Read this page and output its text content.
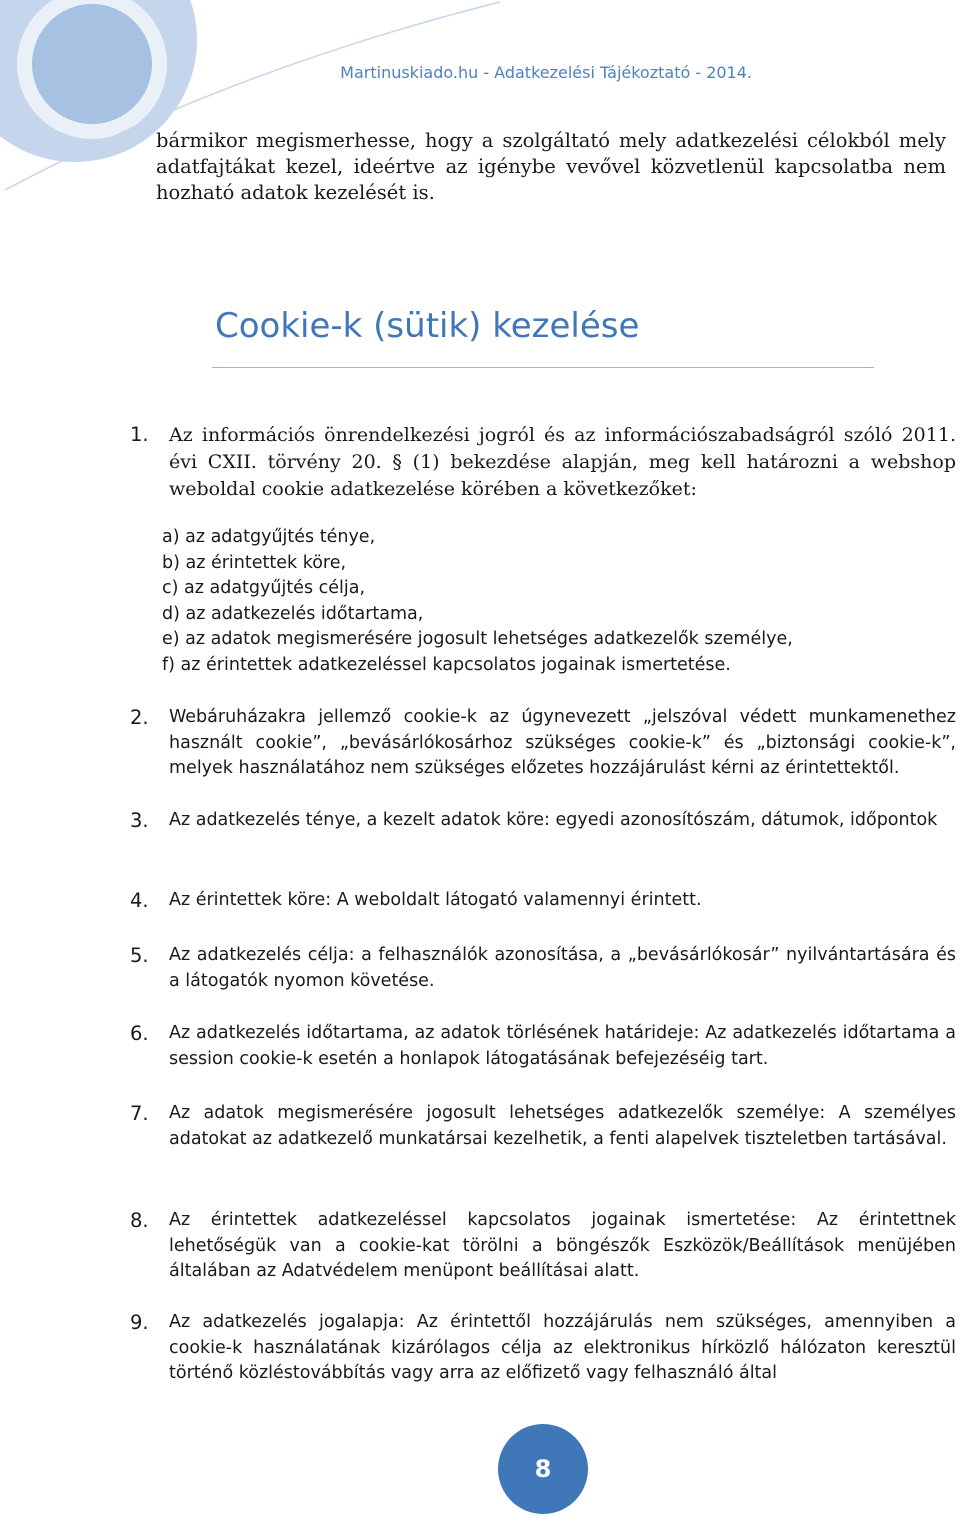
Martinuskiado.hu - Adatkezelési Tájékoztató - 2014.

bármikor megismerhesse, hogy a szolgáltató mely adatkezelési célokból mely adatfajtákat kezel, ideértve az igénybe vevővel közvetlenül kapcsolatba nem hozható adatok kezelését is.

Cookie-k (sütik) kezelése
1. Az információs önrendelkezési jogról és az információszabadságról szóló 2011. évi CXII. törvény 20. § (1) bekezdése alapján, meg kell határozni a webshop weboldal cookie adatkezelése körében a következőket:
a) az adatgyűjtés ténye,
b) az érintettek köre,
c) az adatgyűjtés célja,
d) az adatkezelés időtartama,
e) az adatok megismerésére jogosult lehetséges adatkezelők személye,
f) az érintettek adatkezeléssel kapcsolatos jogainak ismertetése.
2. Webáruházakra jellemző cookie-k az úgynevezett „jelszóval védett munkamenethez használt cookie”, „bevásárlókosárhoz szükséges cookie-k” és „biztonsági cookie-k”, melyek használatához nem szükséges előzetes hozzájárulást kérni az érintettektől.
3. Az adatkezelés ténye, a kezelt adatok köre: egyedi azonosítószám, dátumok, időpontok
4. Az érintettek köre: A weboldalt látogató valamennyi érintett.
5. Az adatkezelés célja: a felhasználók azonosítása, a „bevásárlókosár” nyilvántartására és a látogatók nyomon követése.
6. Az adatkezelés időtartama, az adatok törlésének határideje: Az adatkezelés időtartama a session cookie-k esetén a honlapok látogatásának befejezéséig tart.
7. Az adatok megismerésére jogosult lehetséges adatkezelők személye: A személyes adatokat az adatkezelő munkatársai kezelhetik, a fenti alapelvek tiszteletben tartásával.
8. Az érintettek adatkezeléssel kapcsolatos jogainak ismertetése: Az érintettnek lehetőségük van a cookie-kat törölni a böngészők Eszközök/Beállítások menüjében általában az Adatvédelem menüpont beállításai alatt.
9. Az adatkezelés jogalapja: Az érintettől hozzájárulás nem szükséges, amennyiben a cookie-k használatának kizárólagos célja az elektronikus hírközlő hálózaton keresztül történő közléstovábbítás vagy arra az előfizető vagy felhasználó által
8
